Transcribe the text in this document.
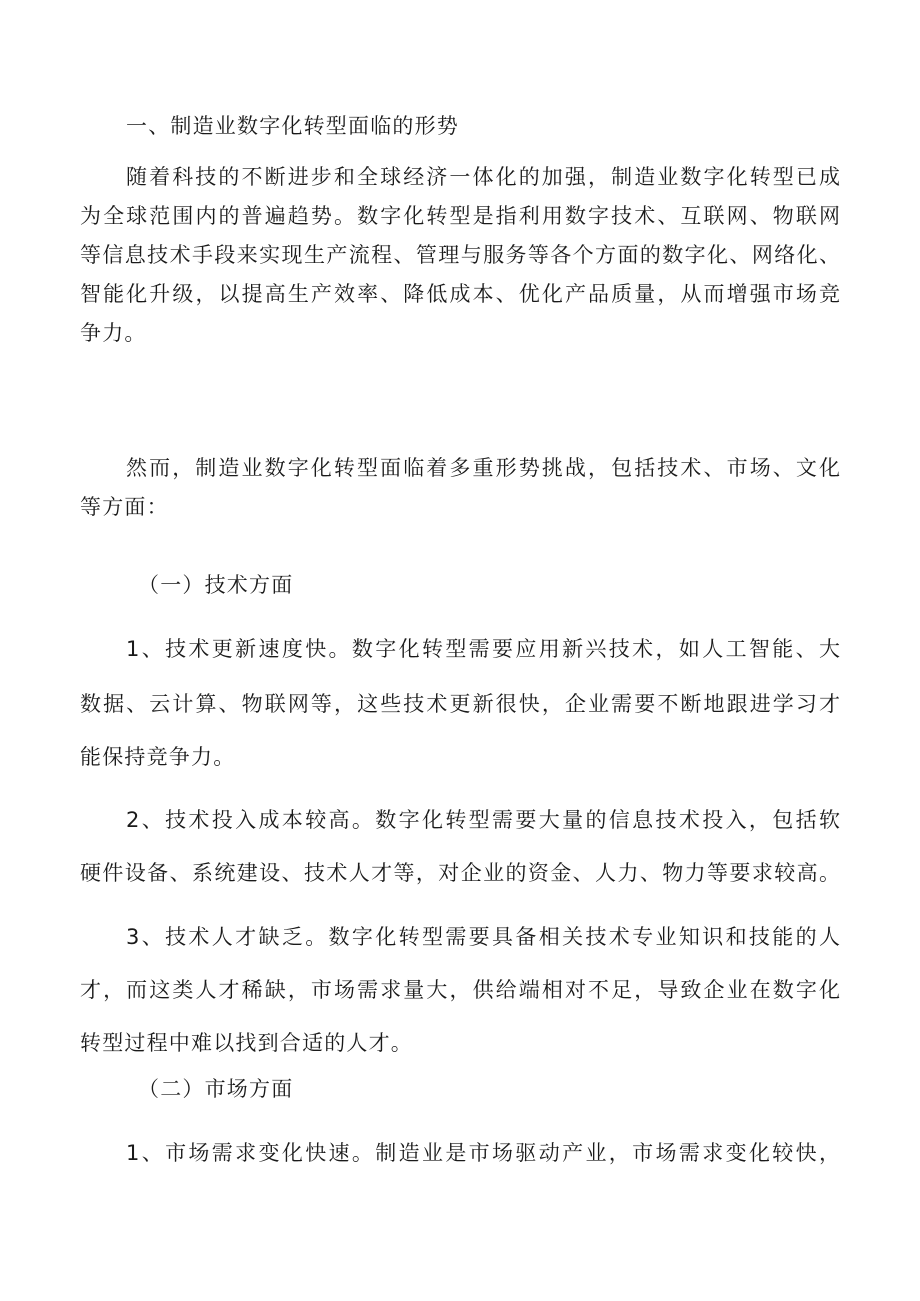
一、制造业数字化转型面临的形势
随着科技的不断进步和全球经济一体化的加强，制造业数字化转型已成
为全球范围内的普遍趋势。数字化转型是指利用数字技术、互联网、物联网
等信息技术手段来实现生产流程、管理与服务等各个方面的数字化、网络化、
智能化升级，以提高生产效率、降低成本、优化产品质量，从而增强市场竞
争力。
然而，制造业数字化转型面临着多重形势挑战，包括技术、市场、文化
等方面：
（一）技术方面
1、技术更新速度快。数字化转型需要应用新兴技术，如人工智能、大
数据、云计算、物联网等，这些技术更新很快，企业需要不断地跟进学习才
能保持竞争力。
2、技术投入成本较高。数字化转型需要大量的信息技术投入，包括软
硬件设备、系统建设、技术人才等，对企业的资金、人力、物力等要求较高。
3、技术人才缺乏。数字化转型需要具备相关技术专业知识和技能的人
才，而这类人才稀缺，市场需求量大，供给端相对不足，导致企业在数字化
转型过程中难以找到合适的人才。
（二）市场方面
1、市场需求变化快速。制造业是市场驱动产业，市场需求变化较快，
